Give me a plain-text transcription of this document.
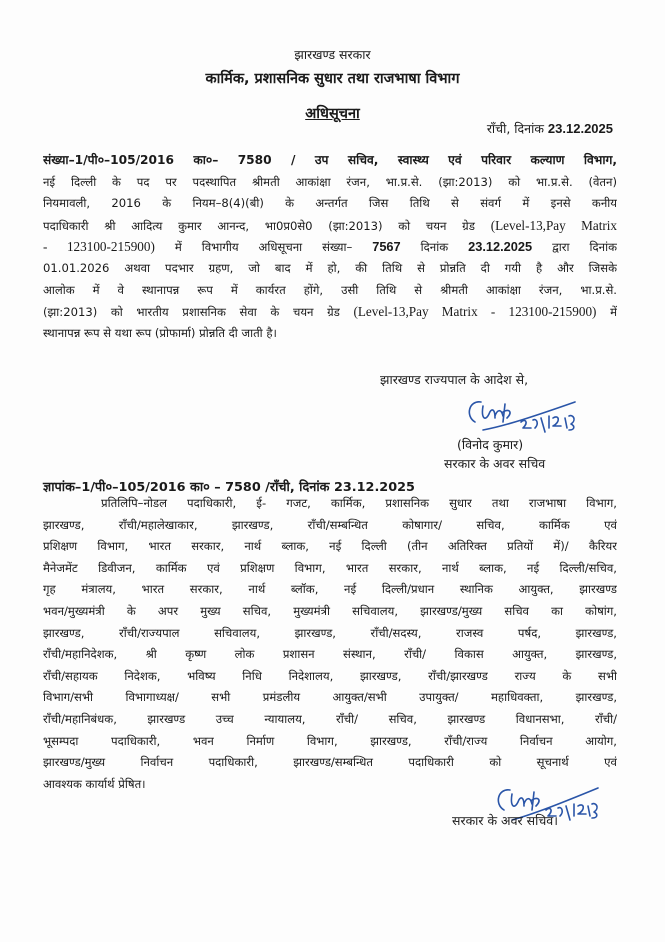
झारखण्ड सरकार
कार्मिक, प्रशासनिक सुधार तथा राजभाषा विभाग
अधिसूचना
राँची, दिनांक 23.12.2025
संख्या–1/पी०–105/2016 का०– 7580 / उप सचिव, स्वास्थ्य एवं परिवार कल्याण विभाग,
नई दिल्ली के पद पर पदस्थापित श्रीमती आकांक्षा रंजन, भा.प्र.से. (झा:2013) को भा.प्र.से. (वेतन)
नियमावली, 2016 के नियम–8(4)(बी) के अन्तर्गत जिस तिथि से संवर्ग में इनसे कनीय
पदाधिकारी श्री आदित्य कुमार आनन्द, भा0प्र0से0 (झा:2013) को चयन ग्रेड (Level-13,Pay Matrix
- 123100-215900) में विभागीय अधिसूचना संख्या– 7567 दिनांक 23.12.2025 द्वारा दिनांक
01.01.2026 अथवा पदभार ग्रहण, जो बाद में हो, की तिथि से प्रोन्नति दी गयी है और जिसके
आलोक में वे स्थानापन्न रूप में कार्यरत होंगे, उसी तिथि से श्रीमती आकांक्षा रंजन, भा.प्र.से.
(झा:2013) को भारतीय प्रशासनिक सेवा के चयन ग्रेड (Level-13,Pay Matrix - 123100-215900) में
स्थानापन्न रूप से यथा रूप (प्रोफार्मा) प्रोन्नति दी जाती है।
झारखण्ड राज्यपाल के आदेश से,
(विनोद कुमार)
सरकार के अवर सचिव
ज्ञापांक–1/पी०–105/2016 का० – 7580 /राँची, दिनांक 23.12.2025
प्रतिलिपि–नोडल पदाधिकारी, ई- गजट, कार्मिक, प्रशासनिक सुधार तथा राजभाषा विभाग,
झारखण्ड, राँची/महालेखाकार, झारखण्ड, राँची/सम्बन्धित कोषागार/ सचिव, कार्मिक एवं
प्रशिक्षण विभाग, भारत सरकार, नार्थ ब्लाक, नई दिल्ली (तीन अतिरिक्त प्रतियों में)/ कैरियर
मैनेजमेंट डिवीजन, कार्मिक एवं प्रशिक्षण विभाग, भारत सरकार, नार्थ ब्लाक, नई दिल्ली/सचिव,
गृह मंत्रालय, भारत सरकार, नार्थ ब्लॉक, नई दिल्ली/प्रधान स्थानिक आयुक्त, झारखण्ड
भवन/मुख्यमंत्री के अपर मुख्य सचिव, मुख्यमंत्री सचिवालय, झारखण्ड/मुख्य सचिव का कोषांग,
झारखण्ड, राँची/राज्यपाल सचिवालय, झारखण्ड, राँची/सदस्य, राजस्व पर्षद, झारखण्ड,
राँची/महानिदेशक, श्री कृष्ण लोक प्रशासन संस्थान, राँची/ विकास आयुक्त, झारखण्ड,
राँची/सहायक निदेशक, भविष्य निधि निदेशालय, झारखण्ड, राँची/झारखण्ड राज्य के सभी
विभाग/सभी विभागाध्यक्ष/ सभी प्रमंडलीय आयुक्त/सभी उपायुक्त/ महाधिवक्ता, झारखण्ड,
राँची/महानिबंधक, झारखण्ड उच्च न्यायालय, राँची/ सचिव, झारखण्ड विधानसभा, राँची/
भूसम्पदा पदाधिकारी, भवन निर्माण विभाग, झारखण्ड, राँची/राज्य निर्वाचन आयोग,
झारखण्ड/मुख्य निर्वाचन पदाधिकारी, झारखण्ड/सम्बन्धित पदाधिकारी को सूचनार्थ एवं
आवश्यक कार्यार्थ प्रेषित।
सरकार के अवर सचिव।
